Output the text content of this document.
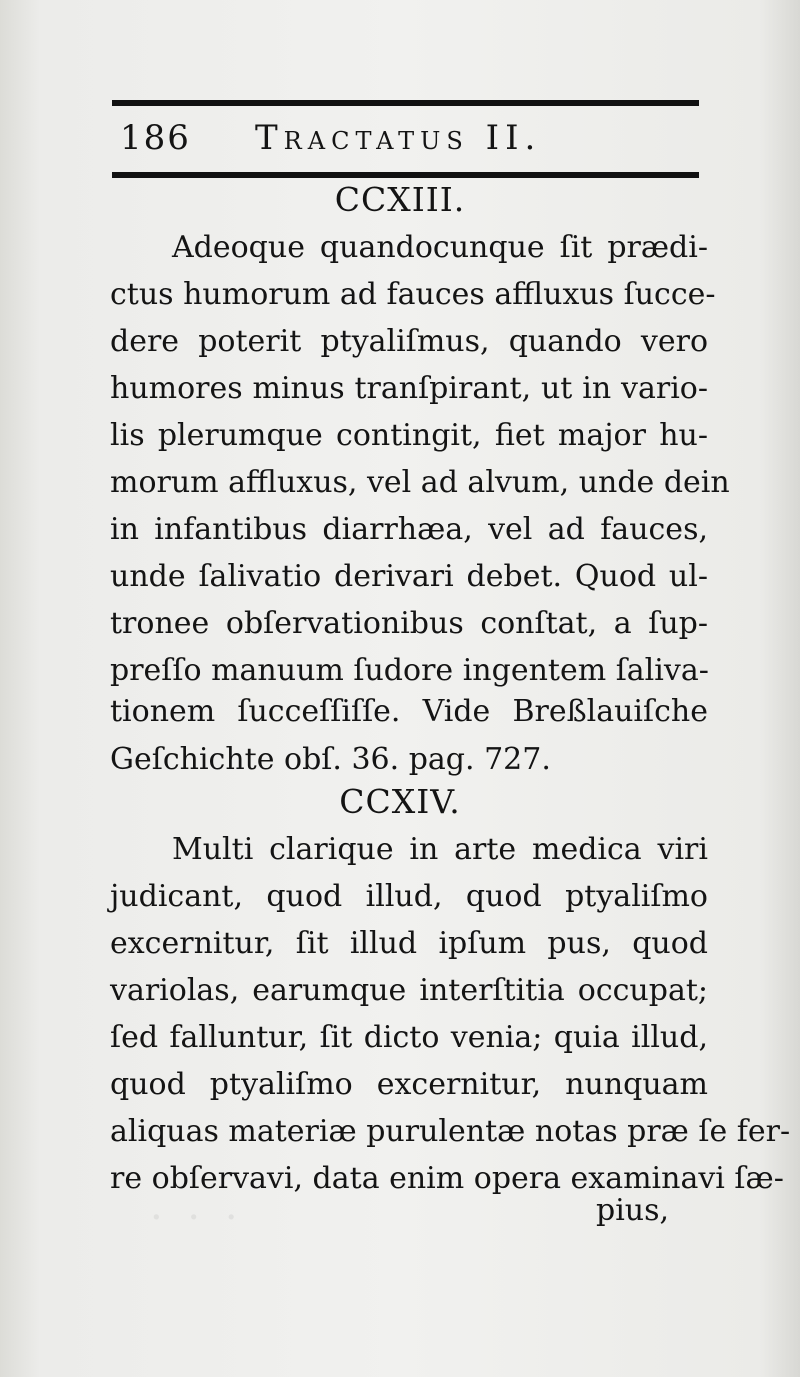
· · ·
186 Tractatus II.
CCXIII.
Adeoque quandocunque ſit prædi-
ctus humorum ad fauces affluxus ſucce-
dere poterit ptyaliſmus, quando vero
humores minus tranſpirant, ut in vario-
lis plerumque contingit, fiet major hu-
morum affluxus, vel ad alvum, unde dein
in infantibus diarrhæa, vel ad fauces,
unde ſalivatio derivari debet. Quod ul-
tronee obſervationibus conſtat, a ſup-
preſſo manuum ſudore ingentem ſaliva-
tionem ſucceſſiſſe. Vide Breßlauiſche
Geſchichte obſ. 36. pag. 727.
CCXIV.
Multi clarique in arte medica viri
judicant, quod illud, quod ptyaliſmo
excernitur, ſit illud ipſum pus, quod
variolas, earumque interſtitia occupat;
ſed falluntur, ſit dicto venia; quia illud,
quod ptyaliſmo excernitur, nunquam
aliquas materiæ purulentæ notas præ ſe fer-
re obſervavi, data enim opera examinavi ſæ-
pius,
